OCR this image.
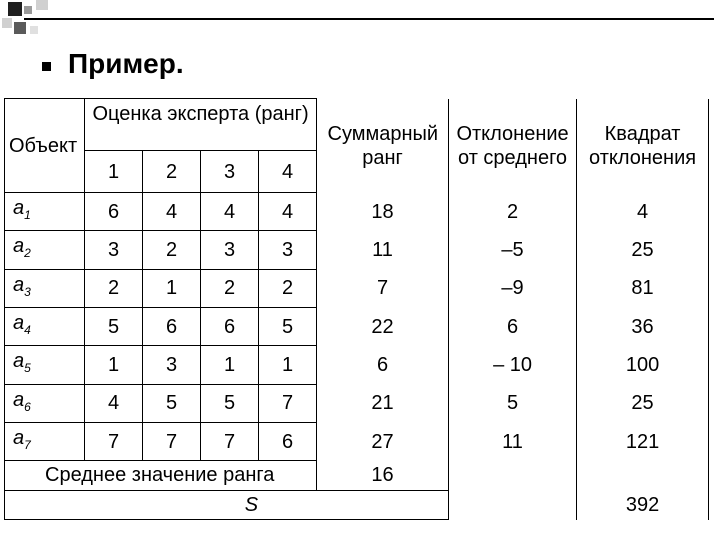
Пример.
Объект	Оценка эксперта (ранг)				Суммарный ранг	Отклонение от среднего	Квадрат отклонения
	1	2	3	4			
$a_1$	6	4	4	4	18	2	4
$a_2$	3	2	3	3	11	–5	25
$a_3$	2	1	2	2	7	–9	81
$a_4$	5	6	6	5	22	6	36
$a_5$	1	3	1	1	6	– 10	100
$a_6$	4	5	5	7	21	5	25
$a_7$	7	7	7	6	27	11	121
Среднее значение ранга					16		
S							392
